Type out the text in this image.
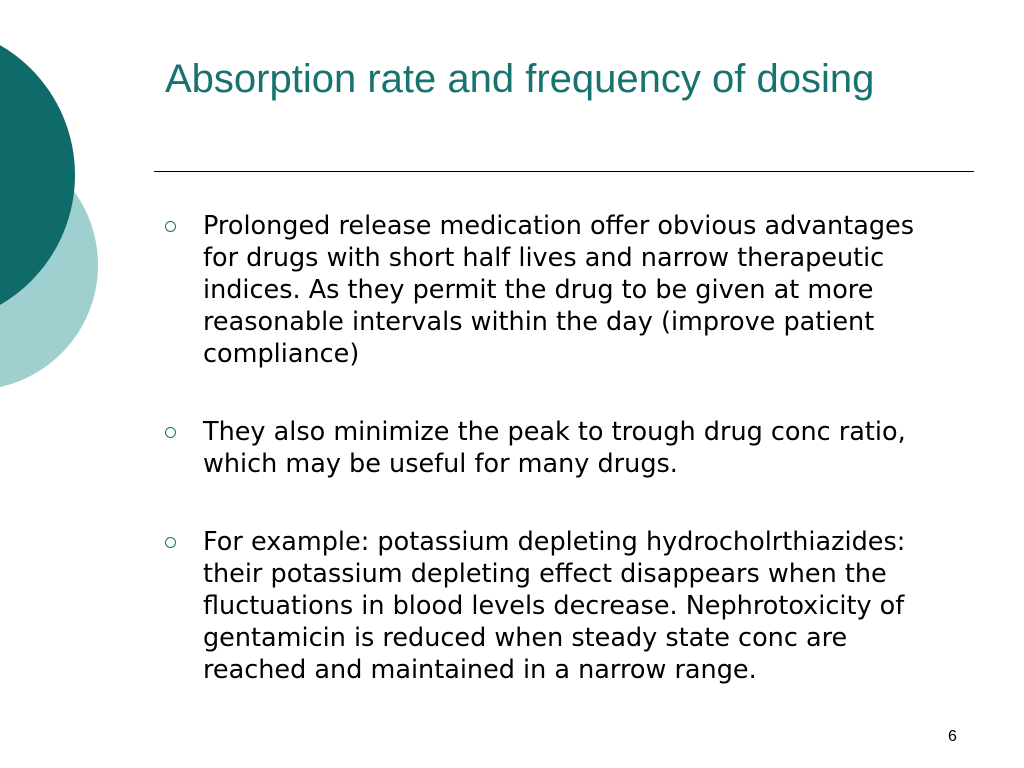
Absorption rate and frequency of dosing
Prolonged release medication offer obvious advantages for drugs with short half lives and narrow therapeutic indices. As they permit the drug to be given at more reasonable intervals within the day (improve patient compliance)
They also minimize the peak to trough drug conc ratio, which may be useful for many drugs.
For example: potassium depleting hydrocholrthiazides: their potassium depleting effect disappears when the fluctuations in blood levels decrease. Nephrotoxicity of gentamicin is reduced when steady state conc are reached and maintained in a narrow range.
6
